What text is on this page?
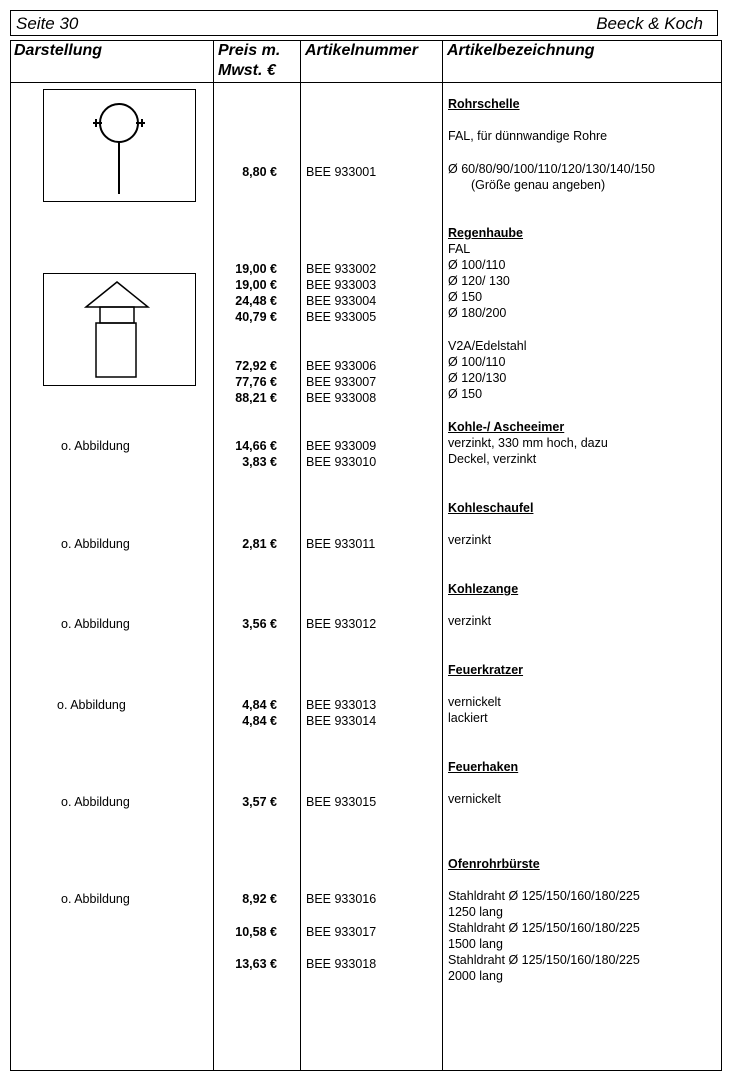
Seite 30	Beeck & Koch
Darstellung	Preis m.
Mwst. €
Artikelnummer Artikelbezeichnung
o. Abbildung
o. Abbildung
o. Abbildung
o. Abbildung
o. Abbildung
o. Abbildung
8,80 €
19,00 €
19,00 €
24,48 €
40,79 €
72,92 €
77,76 €
88,21 €
14,66 €
3,83 €
2,81 €
3,56 €
4,84 €
4,84 €
3,57 €
8,92 €
10,58 €
13,63 €
BEE 933001
BEE 933002
BEE 933003
BEE 933004
BEE 933005
BEE 933006
BEE 933007
BEE 933008
BEE 933009
BEE 933010
BEE 933011
BEE 933012
BEE 933013
BEE 933014
BEE 933015
BEE 933016
BEE 933017
BEE 933018
Rohrschelle
FAL, für dünnwandige Rohre
Ø 60/80/90/100/110/120/130/140/150
(Größe genau angeben)
Regenhaube
FAL
Ø 100/110
Ø 120/ 130
Ø 150
Ø 180/200
V2A/Edelstahl
Ø 100/110
Ø 120/130
Ø 150
Kohle-/ Ascheeimer
verzinkt, 330 mm hoch, dazu
Deckel, verzinkt
Kohleschaufel
verzinkt
Kohlezange
verzinkt
Feuerkratzer
vernickelt
lackiert
Feuerhaken
vernickelt
Ofenrohrbürste
Stahldraht Ø 125/150/160/180/225
1250 lang
Stahldraht Ø 125/150/160/180/225
1500 lang
Stahldraht Ø 125/150/160/180/225
2000 lang
